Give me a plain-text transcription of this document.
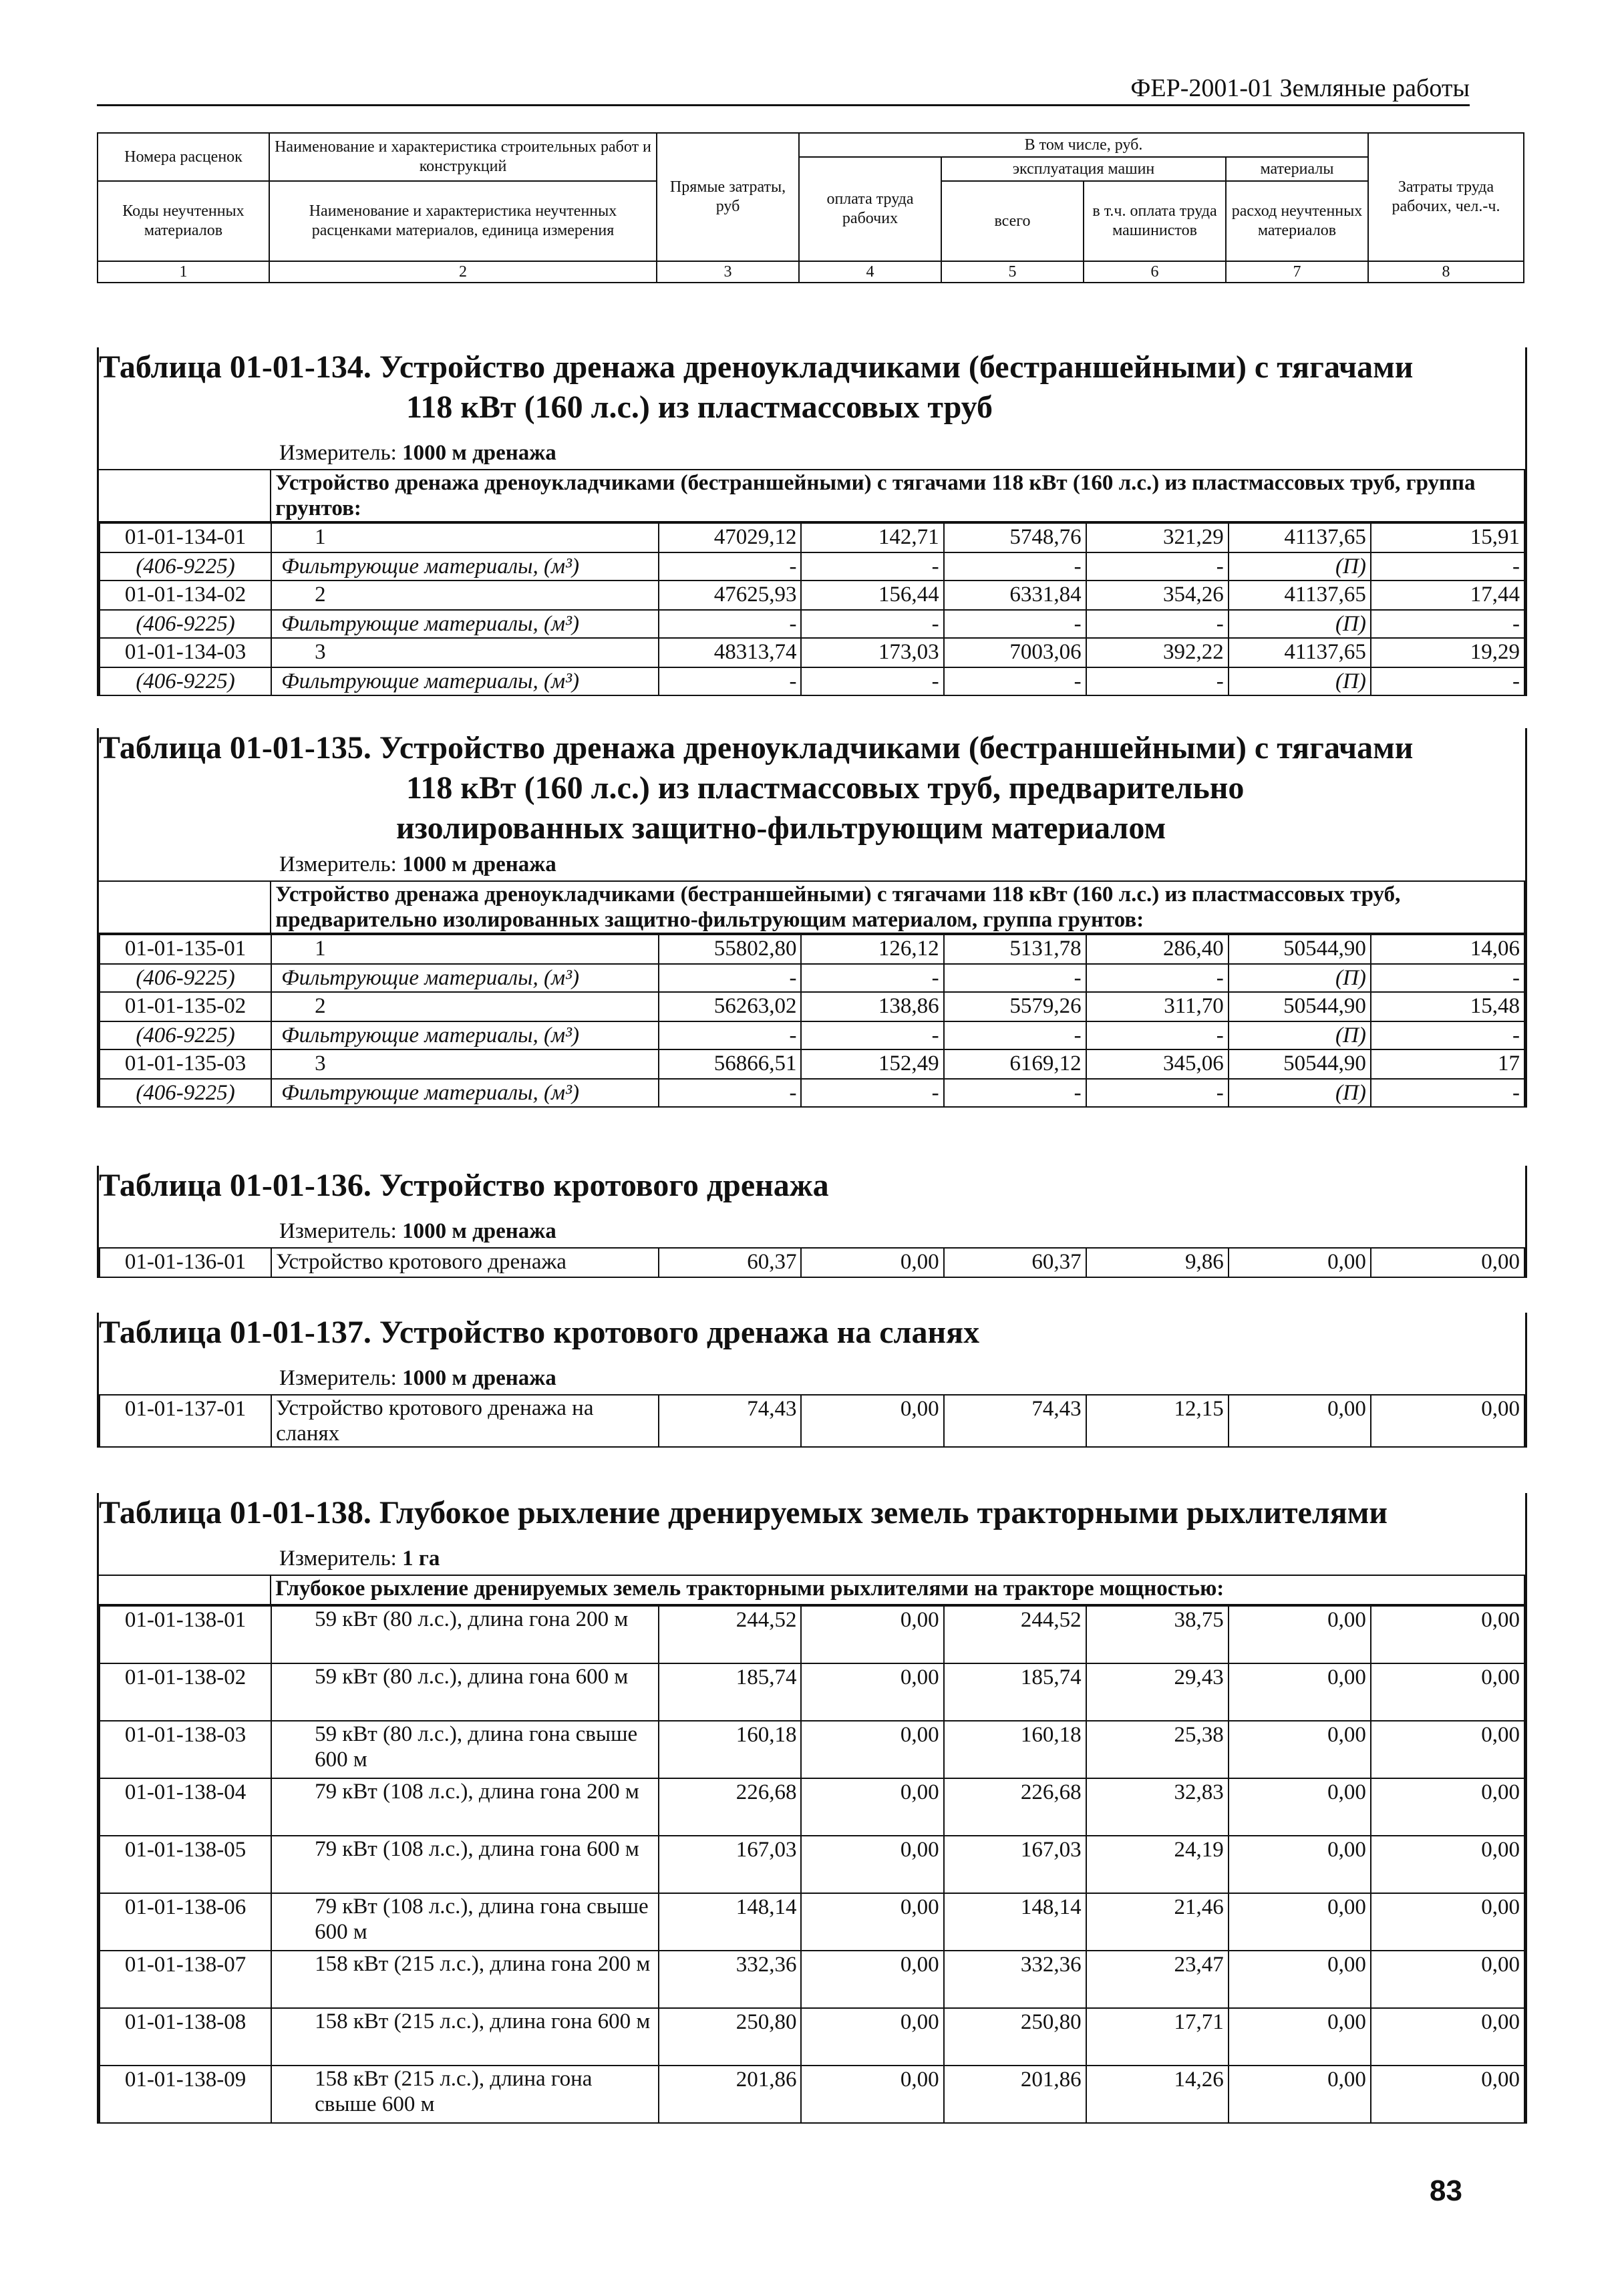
ФЕР-2001-01 Земляные работы
Номера расценок	Наименование и характеристика строительных работ и конструкций	Прямые затраты, руб	В том числе, руб.				Затраты труда рабочих, чел.-ч.
			оплата труда рабочих	эксплуатация машин		материалы	
Коды неучтенных материалов	Наименование и характеристика неучтенных расценками материалов, единица измерения			всего	в т.ч. оплата труда машинистов	расход неучтенных материалов	

1	2	3	4	5	6	7	8

Таблица 01-01-134. Устройство дренажа дреноукладчиками (бестраншейными) с тягачами
118 кВт (160 л.с.) из пластмассовых труб

Измеритель: 1000 м дренажа
	Устройство дренажа дреноукладчиками (бестраншейными) с тягачами 118 кВт (160 л.с.) из пластмассовых труб, группа грунтов:
01-01-134-01	1	47029,12	142,71	5748,76	321,29	41137,65	15,91
(406-9225)	Фильтрующие материалы, (м³)	-	-	-	-	(П)	-
01-01-134-02	2	47625,93	156,44	6331,84	354,26	41137,65	17,44
(406-9225)	Фильтрующие материалы, (м³)	-	-	-	-	(П)	-
01-01-134-03	3	48313,74	173,03	7003,06	392,22	41137,65	19,29
(406-9225)	Фильтрующие материалы, (м³)	-	-	-	-	(П)	-

Таблица 01-01-135. Устройство дренажа дреноукладчиками (бестраншейными) с тягачами
118 кВт (160 л.с.) из пластмассовых труб, предварительно
изолированных защитно-фильтрующим материалом

Измеритель: 1000 м дренажа
	Устройство дренажа дреноукладчиками (бестраншейными) с тягачами 118 кВт (160 л.с.) из пластмассовых труб, предварительно изолированных защитно-фильтрующим материалом, группа грунтов:
01-01-135-01	1	55802,80	126,12	5131,78	286,40	50544,90	14,06
(406-9225)	Фильтрующие материалы, (м³)	-	-	-	-	(П)	-
01-01-135-02	2	56263,02	138,86	5579,26	311,70	50544,90	15,48
(406-9225)	Фильтрующие материалы, (м³)	-	-	-	-	(П)	-
01-01-135-03	3	56866,51	152,49	6169,12	345,06	50544,90	17
(406-9225)	Фильтрующие материалы, (м³)	-	-	-	-	(П)	-

Таблица 01-01-136. Устройство кротового дренажа

Измеритель: 1000 м дренажа
01-01-136-01	Устройство кротового дренажа	60,37	0,00	60,37	9,86	0,00	0,00

Таблица 01-01-137. Устройство кротового дренажа на сланях

Измеритель: 1000 м дренажа
01-01-137-01	Устройство кротового дренажа на сланях	74,43	0,00	74,43	12,15	0,00	0,00

Таблица 01-01-138. Глубокое рыхление дренируемых земель тракторными рыхлителями

Измеритель: 1 га
	Глубокое рыхление дренируемых земель тракторными рыхлителями на тракторе мощностью:
01-01-138-01	59 кВт (80 л.с.), длина гона 200 м	244,52	0,00	244,52	38,75	0,00	0,00
01-01-138-02	59 кВт (80 л.с.), длина гона 600 м	185,74	0,00	185,74	29,43	0,00	0,00
01-01-138-03	59 кВт (80 л.с.), длина гона свыше 600 м	160,18	0,00	160,18	25,38	0,00	0,00
01-01-138-04	79 кВт (108 л.с.), длина гона 200 м	226,68	0,00	226,68	32,83	0,00	0,00
01-01-138-05	79 кВт (108 л.с.), длина гона 600 м	167,03	0,00	167,03	24,19	0,00	0,00
01-01-138-06	79 кВт (108 л.с.), длина гона свыше 600 м	148,14	0,00	148,14	21,46	0,00	0,00
01-01-138-07	158 кВт (215 л.с.), длина гона 200 м	332,36	0,00	332,36	23,47	0,00	0,00
01-01-138-08	158 кВт (215 л.с.), длина гона 600 м	250,80	0,00	250,80	17,71	0,00	0,00
01-01-138-09	158 кВт (215 л.с.), длина гона свыше 600 м	201,86	0,00	201,86	14,26	0,00	0,00
83
